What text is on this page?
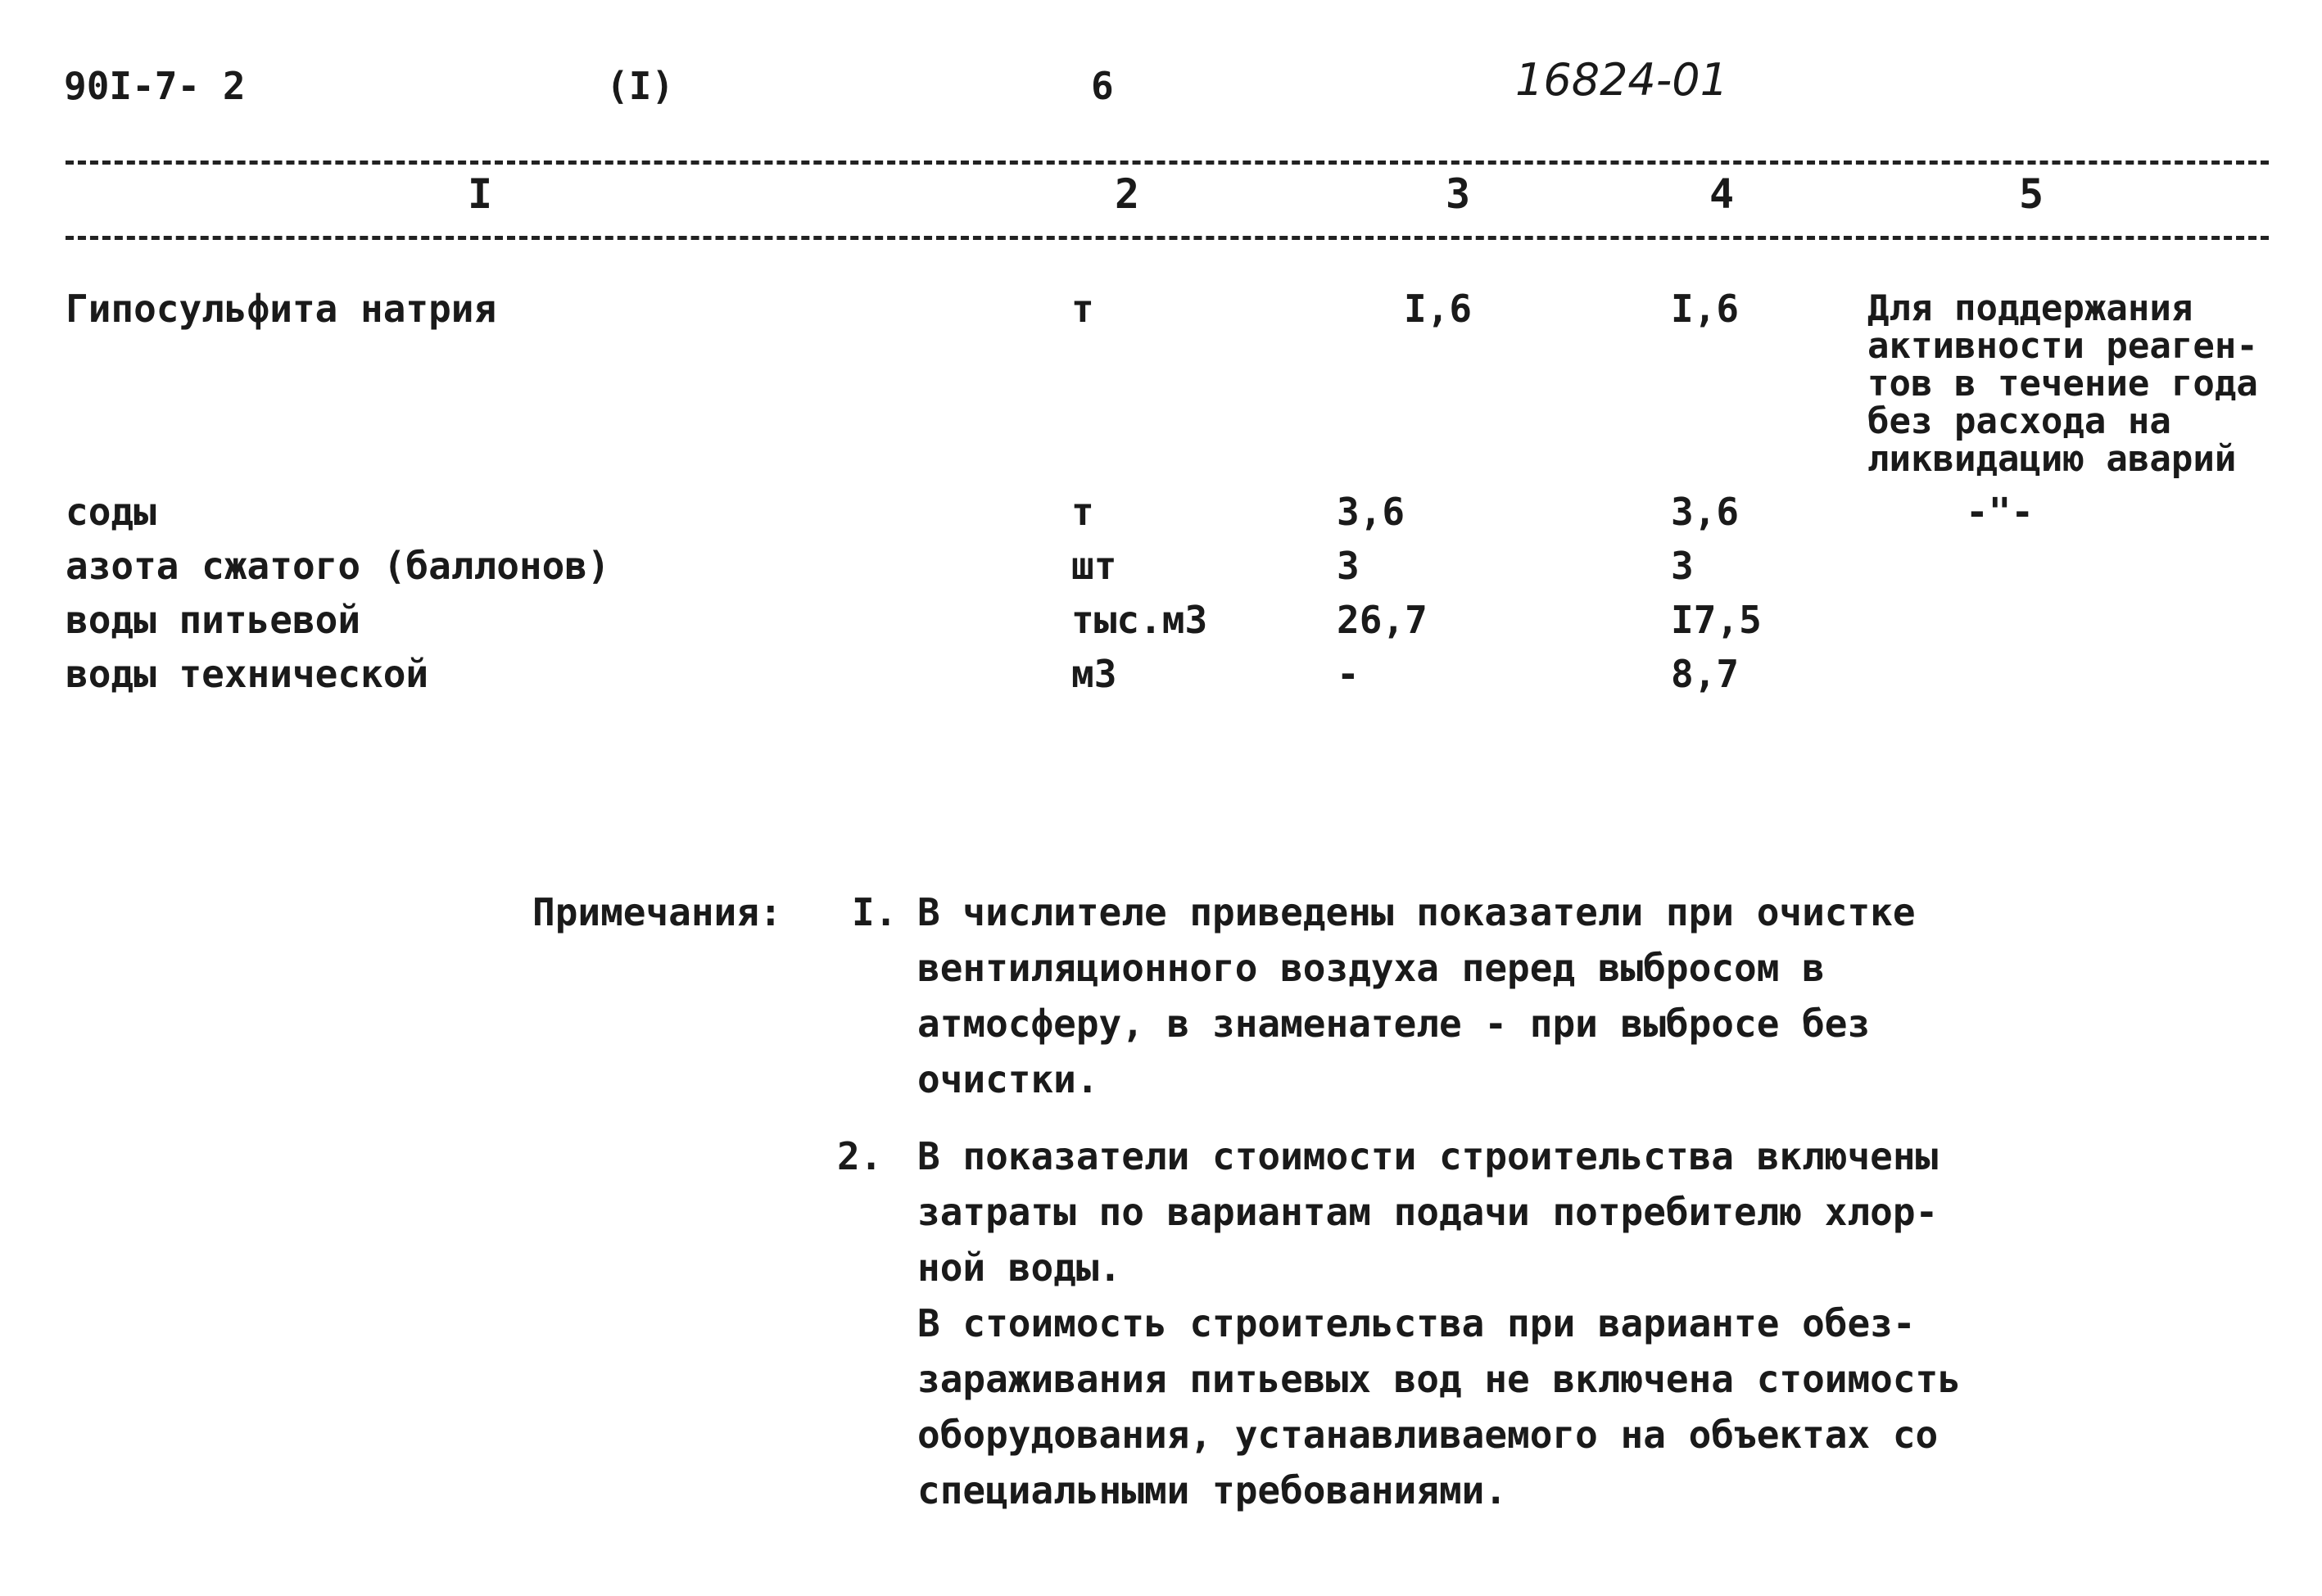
90I-7- 2	(I)	6	16824-01
I	2	3	4	5
Гипосульфита натрия	т	I,6	I,6	Для поддержания
активности реаген-
тов в течение года
без расхода на
ликвидацию аварий
соды	т	3,6	3,6	-"-
азота сжатого (баллонов)	шт	3	3
воды питьевой	тыс.м3	26,7	I7,5
воды технической	м3	-	8,7
Примечания: I. В числителе приведены показатели при очистке
вентиляционного воздуха перед выбросом в
атмосферу, в знаменателе - при выбросе без
очистки.
2. В показатели стоимости строительства включены
затраты по вариантам подачи потребителю хлор-
ной воды.
В стоимость строительства при варианте обез-
зараживания питьевых вод не включена стоимость
оборудования, устанавливаемого на объектах со
специальными требованиями.
